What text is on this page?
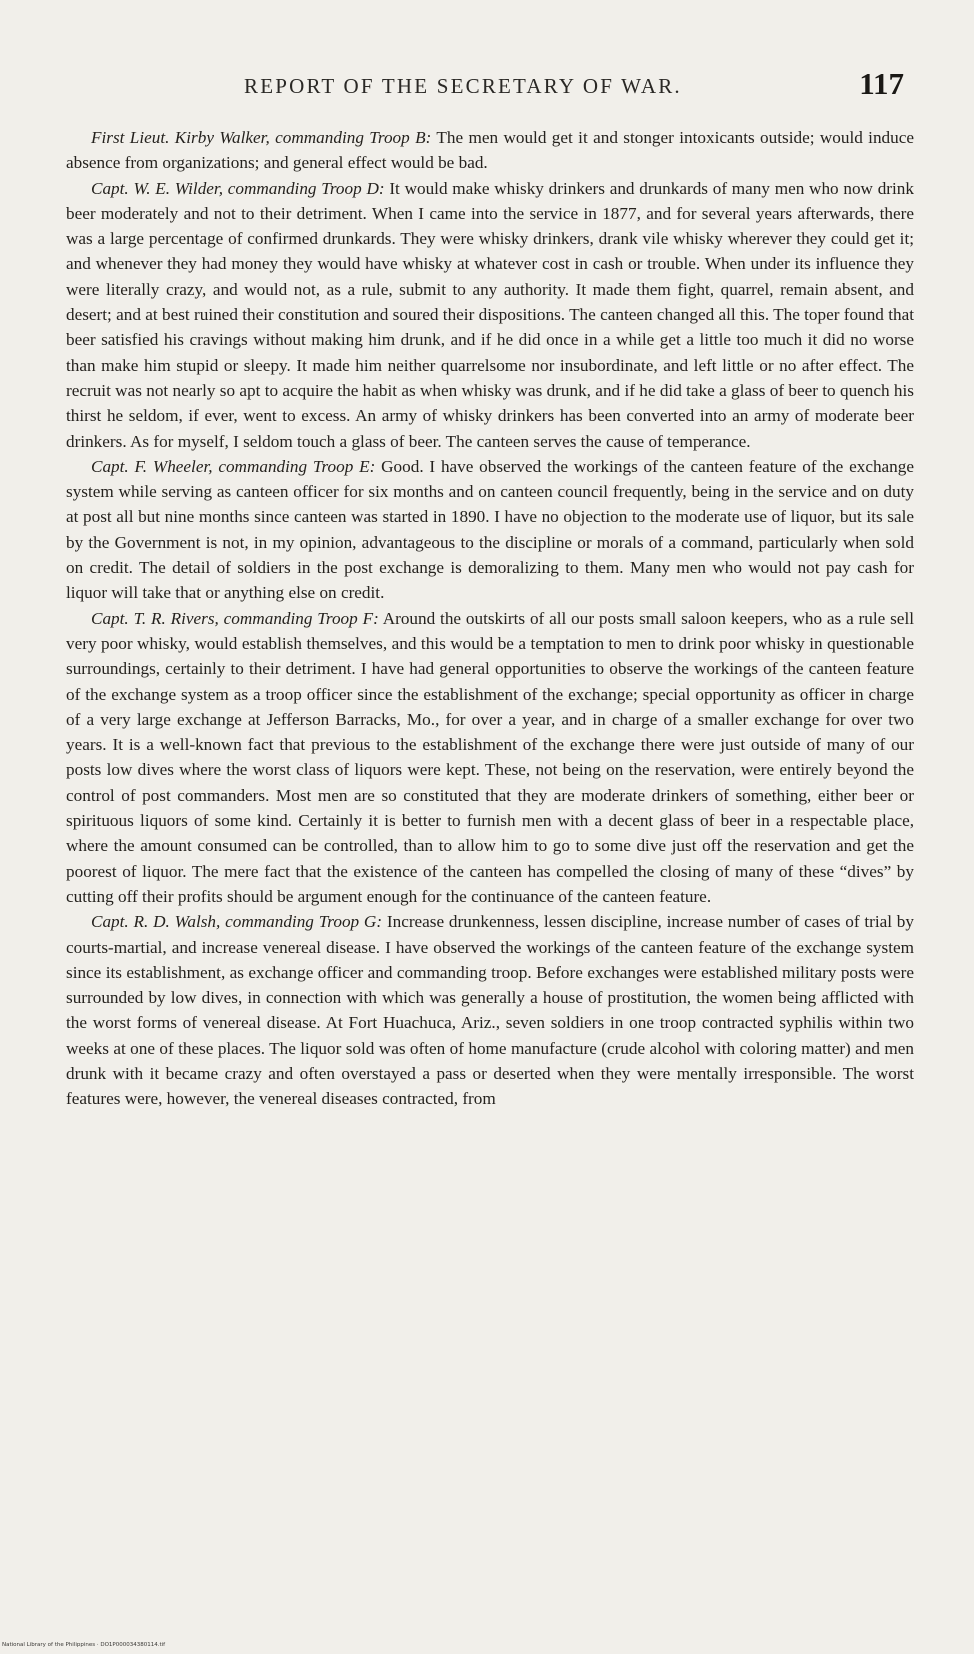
REPORT OF THE SECRETARY OF WAR.	117

First Lieut. Kirby Walker, commanding Troop B: The men would get it and stonger intoxicants outside; would induce absence from organizations; and general effect would be bad.

Capt. W. E. Wilder, commanding Troop D: It would make whisky drinkers and drunkards of many men who now drink beer moderately and not to their detriment. When I came into the service in 1877, and for several years afterwards, there was a large percentage of confirmed drunkards. They were whisky drinkers, drank vile whisky wherever they could get it; and whenever they had money they would have whisky at whatever cost in cash or trouble. When under its influence they were literally crazy, and would not, as a rule, submit to any authority. It made them fight, quarrel, remain absent, and desert; and at best ruined their constitution and soured their dispositions. The canteen changed all this. The toper found that beer satisfied his cravings without making him drunk, and if he did once in a while get a little too much it did no worse than make him stupid or sleepy. It made him neither quarrelsome nor insubordinate, and left little or no after effect. The recruit was not nearly so apt to acquire the habit as when whisky was drunk, and if he did take a glass of beer to quench his thirst he seldom, if ever, went to excess. An army of whisky drinkers has been converted into an army of moderate beer drinkers. As for myself, I seldom touch a glass of beer. The canteen serves the cause of temperance.

Capt. F. Wheeler, commanding Troop E: Good. I have observed the workings of the canteen feature of the exchange system while serving as canteen officer for six months and on canteen council frequently, being in the service and on duty at post all but nine months since canteen was started in 1890. I have no objection to the moderate use of liquor, but its sale by the Government is not, in my opinion, advantageous to the discipline or morals of a command, particularly when sold on credit. The detail of soldiers in the post exchange is demoralizing to them. Many men who would not pay cash for liquor will take that or anything else on credit.

Capt. T. R. Rivers, commanding Troop F: Around the outskirts of all our posts small saloon keepers, who as a rule sell very poor whisky, would establish themselves, and this would be a temptation to men to drink poor whisky in questionable surroundings, certainly to their detriment. I have had general opportunities to observe the workings of the canteen feature of the exchange system as a troop officer since the establishment of the exchange; special opportunity as officer in charge of a very large exchange at Jefferson Barracks, Mo., for over a year, and in charge of a smaller exchange for over two years. It is a well-known fact that previous to the establishment of the exchange there were just outside of many of our posts low dives where the worst class of liquors were kept. These, not being on the reservation, were entirely beyond the control of post commanders. Most men are so constituted that they are moderate drinkers of something, either beer or spirituous liquors of some kind. Certainly it is better to furnish men with a decent glass of beer in a respectable place, where the amount consumed can be controlled, than to allow him to go to some dive just off the reservation and get the poorest of liquor. The mere fact that the existence of the canteen has compelled the closing of many of these “dives” by cutting off their profits should be argument enough for the continuance of the canteen feature.

Capt. R. D. Walsh, commanding Troop G: Increase drunkenness, lessen discipline, increase number of cases of trial by courts-martial, and increase venereal disease. I have observed the workings of the canteen feature of the exchange system since its establishment, as exchange officer and commanding troop. Before exchanges were established military posts were surrounded by low dives, in connection with which was generally a house of prostitution, the women being afflicted with the worst forms of venereal disease. At Fort Huachuca, Ariz., seven soldiers in one troop contracted syphilis within two weeks at one of these places. The liquor sold was often of home manufacture (crude alcohol with coloring matter) and men drunk with it became crazy and often overstayed a pass or deserted when they were mentally irresponsible. The worst features were, however, the venereal diseases contracted, from

National Library of the Philippines · DO1P000034380114.tif
